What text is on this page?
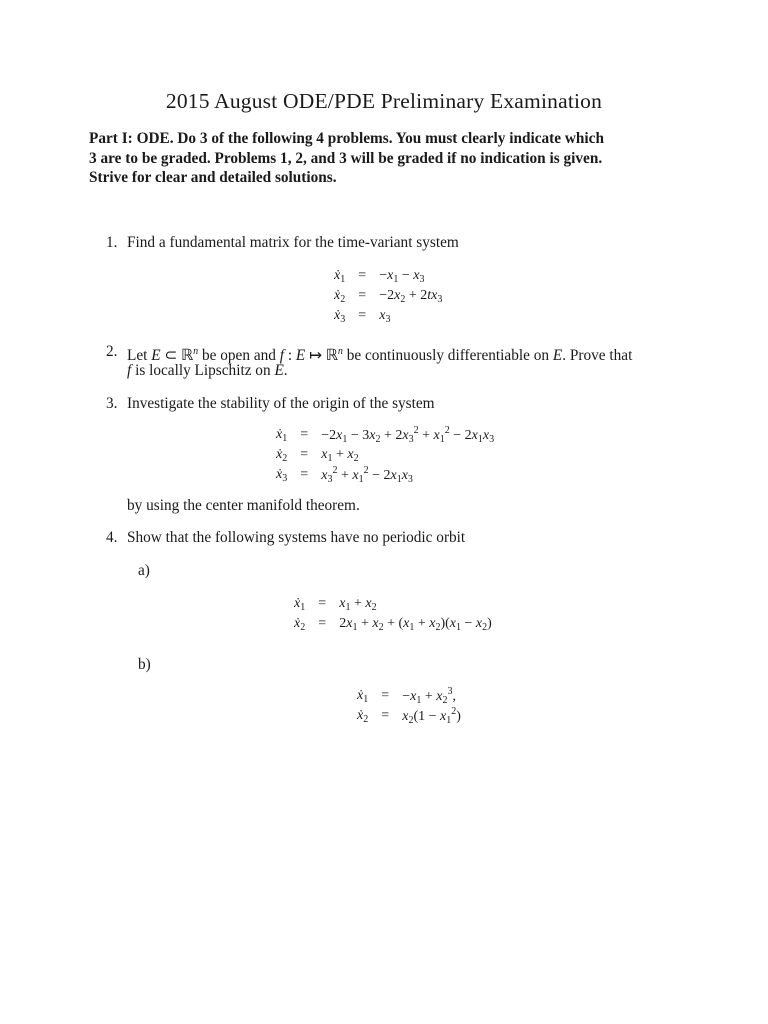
2015 August ODE/PDE Preliminary Examination
Part I: ODE. Do 3 of the following 4 problems. You must clearly indicate which
3 are to be graded. Problems 1, 2, and 3 will be graded if no indication is given.
Strive for clear and detailed solutions.
1. Find a fundamental matrix for the time-variant system
ẋ$_1$	=	$-x_1 - x_3$
ẋ$_2$	=	$-2x_2 + 2tx_3$
ẋ$_3$	=	$x_3$
2. Let E ⊂ ℝ$^n$ be open and f : E ↦ ℝ$^n$ be continuously differentiable on E. Prove that
f is locally Lipschitz on E.
3. Investigate the stability of the origin of the system
ẋ$_1$	=	$-2x_1 - 3x_2 + 2x_3^2 + x_1^2 - 2x_1x_3$
ẋ$_2$	=	$x_1 + x_2$
ẋ$_3$	=	$x_3^2 + x_1^2 - 2x_1x_3$
by using the center manifold theorem.
4. Show that the following systems have no periodic orbit
a)
ẋ$_1$	=	$x_1 + x_2$
ẋ$_2$	=	$2x_1 + x_2 + (x_1 + x_2)(x_1 - x_2)$
b)
ẋ$_1$	=	$-x_1 + x_2^3$,
ẋ$_2$	=	$x_2(1 - x_1^2)$
